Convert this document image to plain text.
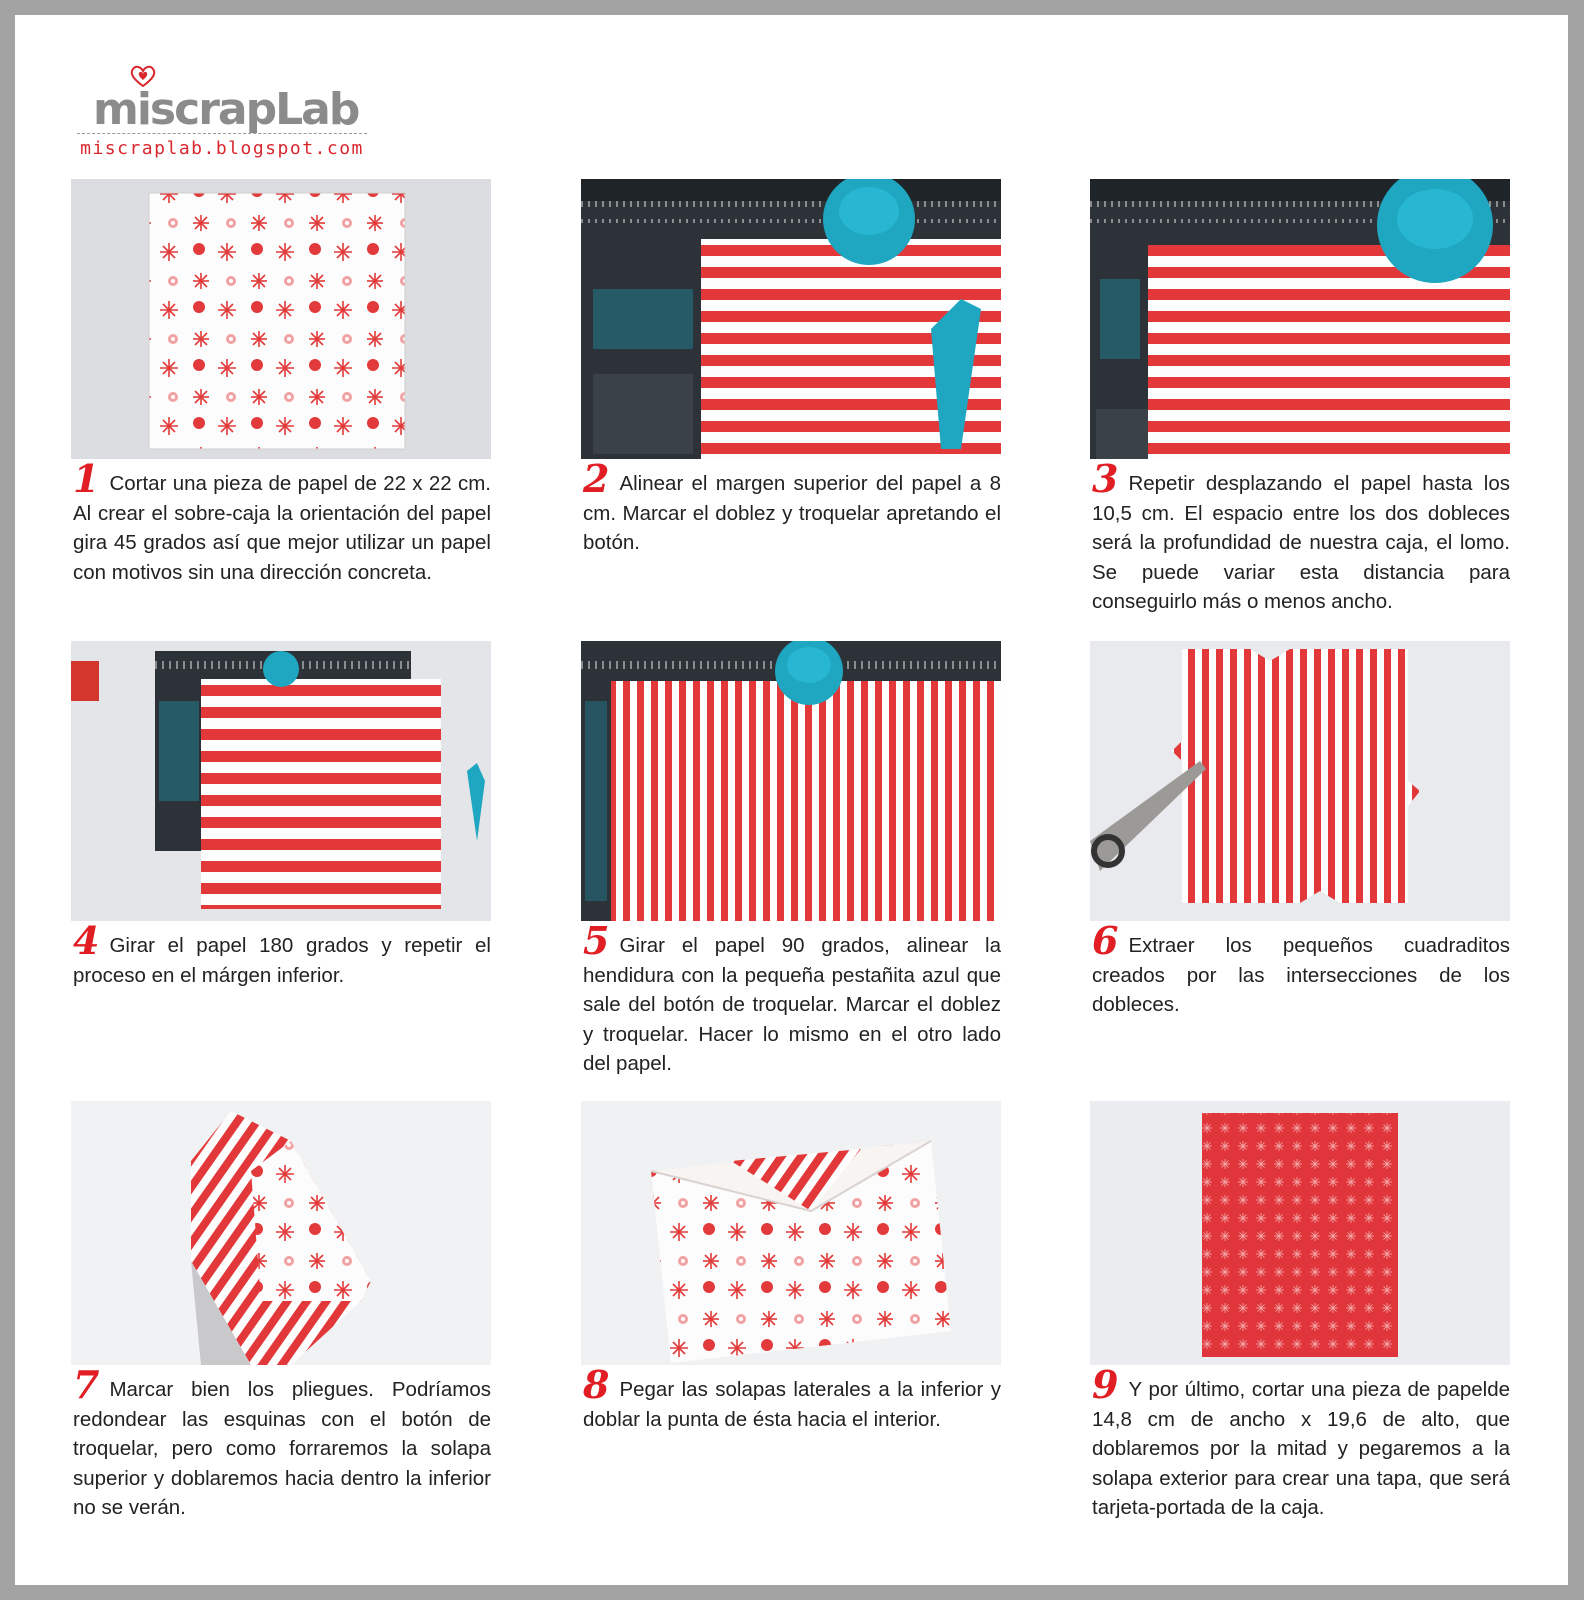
miscrapLab
miscraplab.blogspot.com
1 Cortar una pieza de papel de 22 x 22 cm. Al crear el sobre-caja la orientación del papel gira 45 grados así que mejor utilizar un papel con motivos sin una dirección concreta.
2 Alinear el margen superior del papel a 8 cm. Marcar el doblez y troquelar apretando el botón.
3 Repetir desplazando el papel hasta los 10,5 cm. El espacio entre los dos dobleces será la profundidad de nuestra caja, el lomo. Se puede variar esta distancia para conseguirlo más o menos ancho.
4 Girar el papel 180 grados y repetir el proceso en el márgen inferior.
5 Girar el papel 90 grados, alinear la hendidura con la pequeña pestañita azul que sale del botón de troquelar. Marcar el doblez y troquelar. Hacer lo mismo en el otro lado del papel.
6 Extraer los pequeños cuadraditos creados por las intersecciones de los dobleces.
7 Marcar bien los pliegues. Podríamos redondear las esquinas con el botón de troquelar, pero como forraremos la solapa superior y doblaremos hacia dentro la inferior no se verán.
8 Pegar las solapas laterales a la inferior y doblar la punta de ésta hacia el interior.
9 Y por último, cortar una pieza de papelde 14,8 cm de ancho x 19,6 de alto, que doblaremos por la mitad y pegaremos a la solapa exterior para crear una tapa, que será tarjeta-portada de la caja.
